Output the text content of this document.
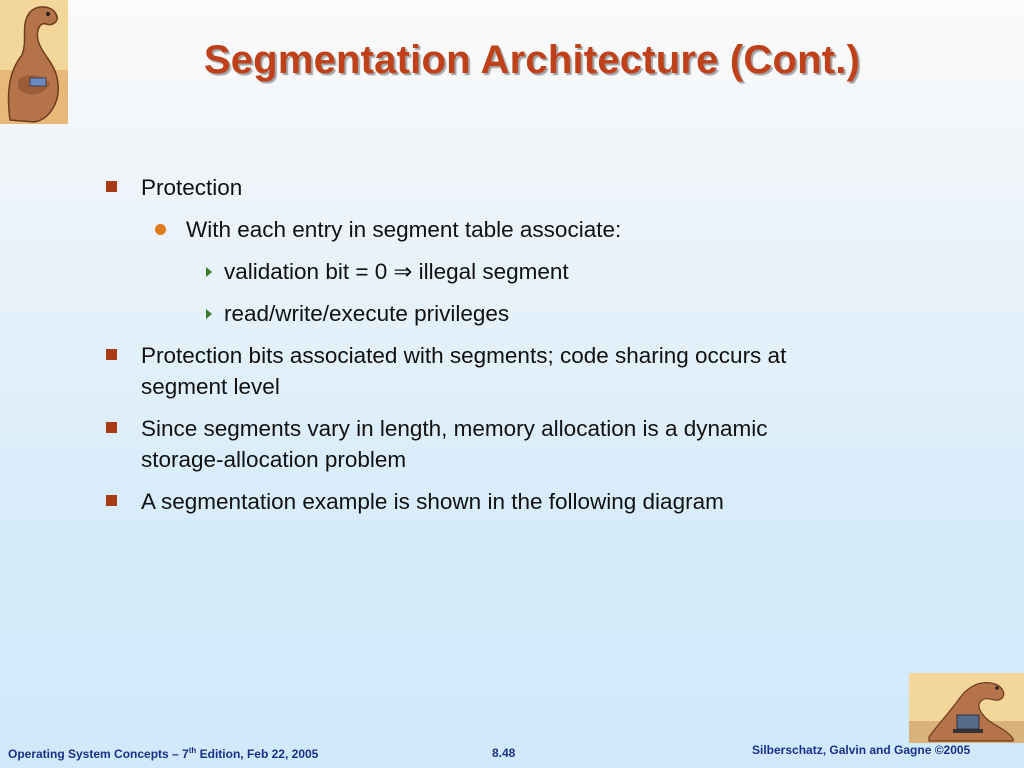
Segmentation Architecture (Cont.)
Protection
With each entry in segment table associate:
validation bit = 0 ⇒ illegal segment
read/write/execute privileges
Protection bits associated with segments; code sharing occurs at segment level
Since segments vary in length, memory allocation is a dynamic storage-allocation problem
A segmentation example is shown in the following diagram
Operating System Concepts – 7th Edition, Feb 22, 2005	8.48	Silberschatz, Galvin and Gagne ©2005
